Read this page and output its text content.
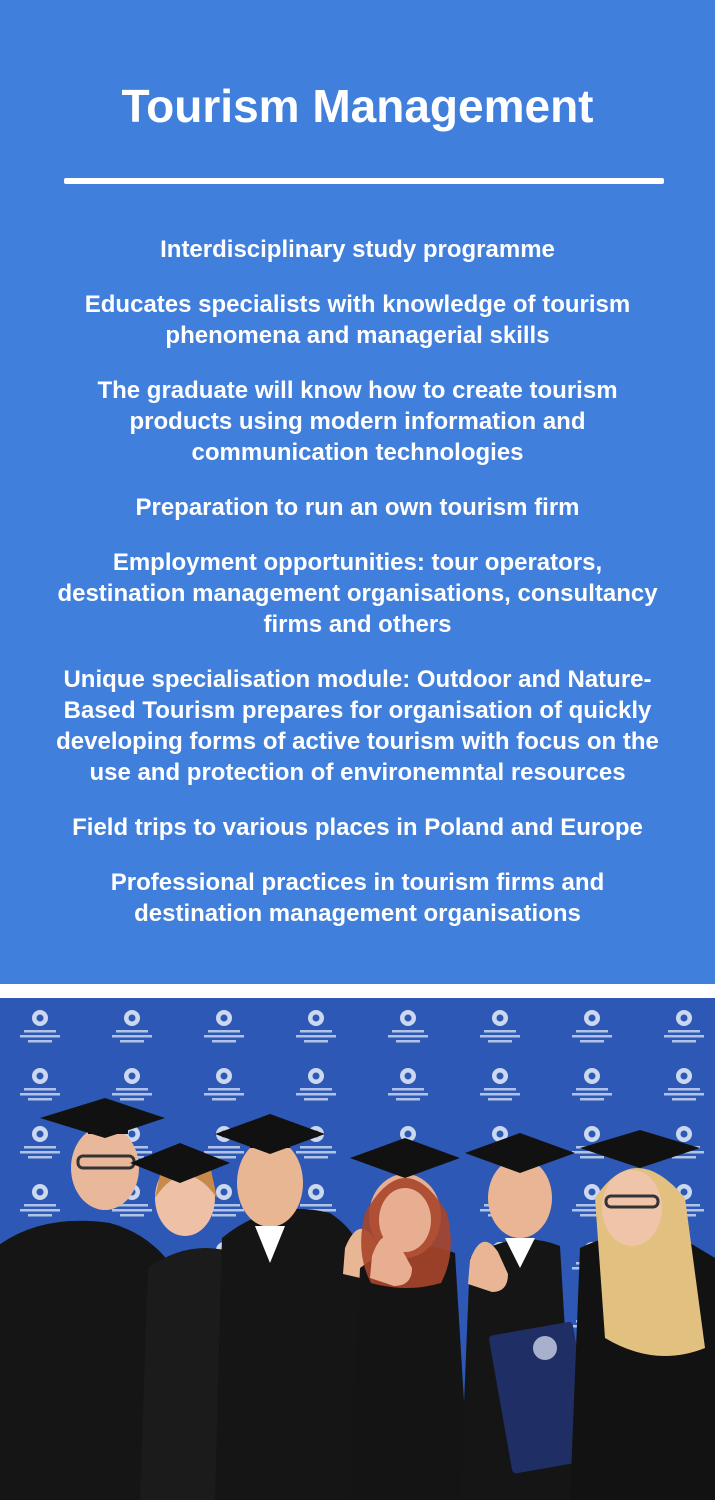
Tourism Management
Interdisciplinary study programme
Educates specialists with knowledge of tourism phenomena and managerial skills
The graduate will know how to create tourism products using modern information and communication technologies
Preparation to run an own tourism firm
Employment opportunities: tour operators, destination management organisations, consultancy firms and others
Unique specialisation module: Outdoor and Nature-Based Tourism prepares for organisation of quickly developing forms of active tourism with focus on the use and protection of environemntal resources
Field trips to various places in Poland and Europe
Professional practices in tourism firms and destination management organisations
